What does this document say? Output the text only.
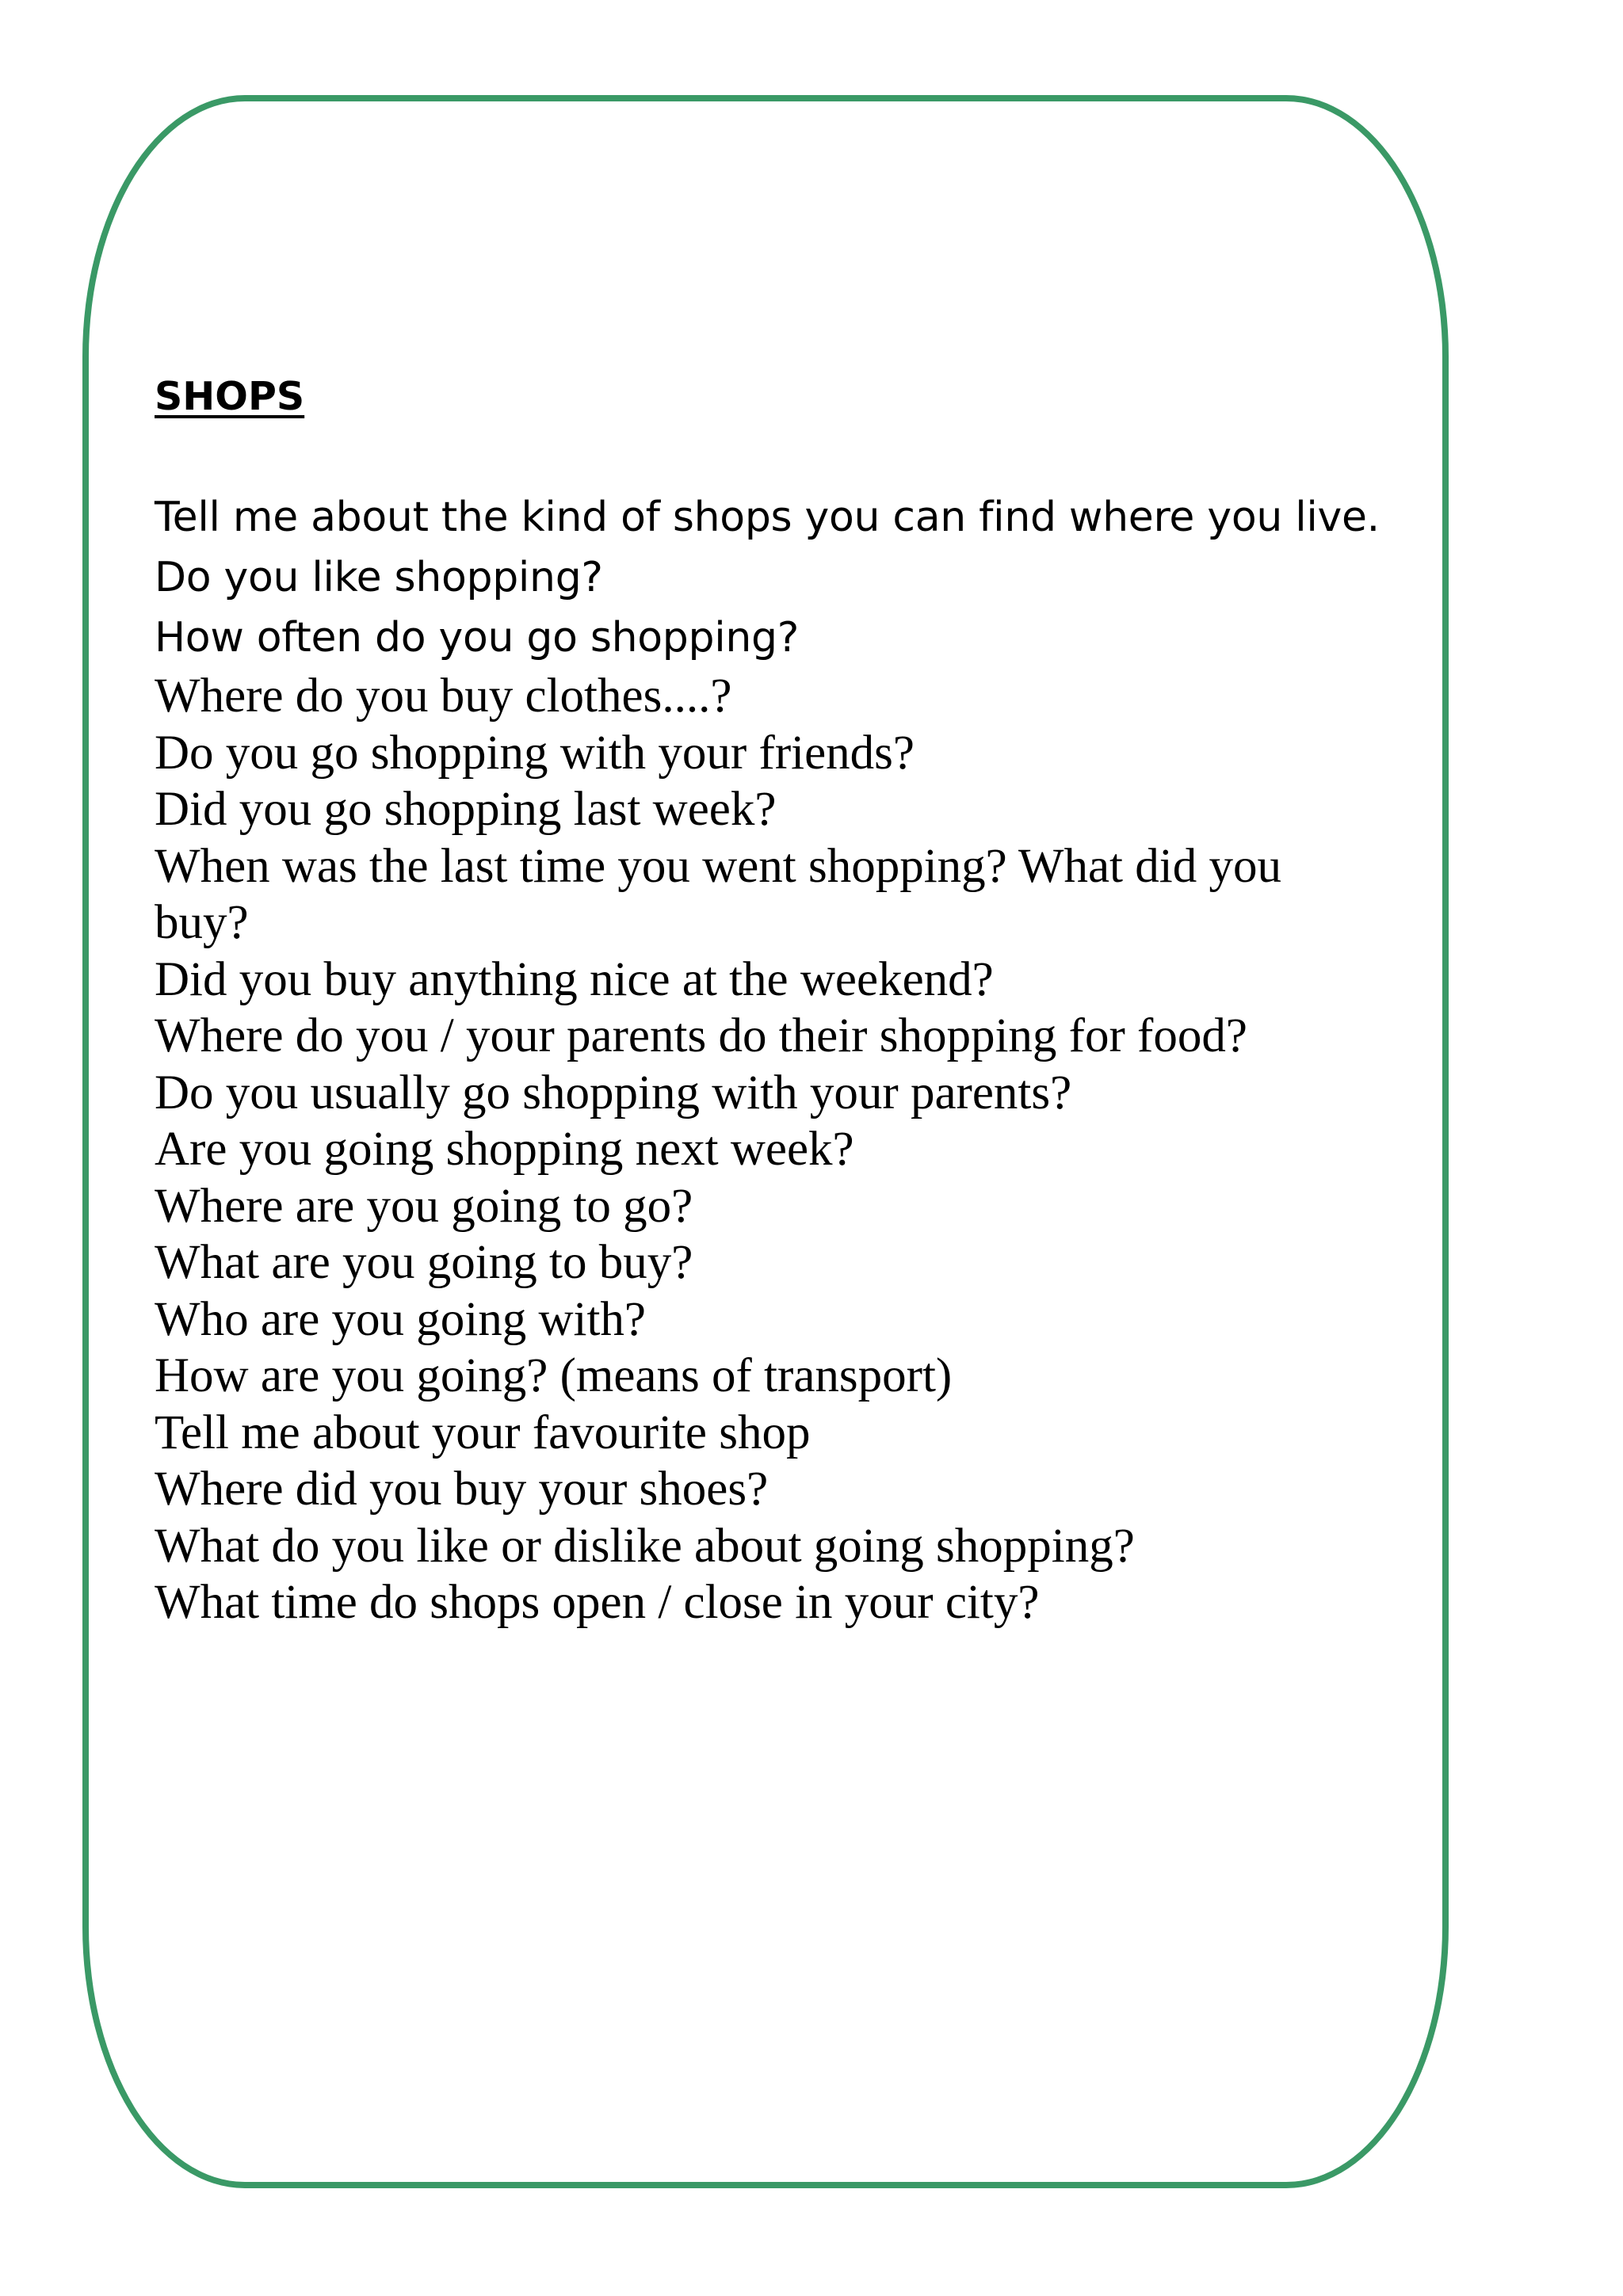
SHOPS
Tell me about the kind of shops you can find where you live.
Do you like shopping?
How often do you go shopping?
Where do you buy clothes....?
Do you go shopping with your friends?
Did you go shopping last week?
When was the last time you went shopping? What did you
buy?
Did you buy anything nice at the weekend?
Where do you / your parents do their shopping for food?
Do you usually go shopping with your parents?
Are you going shopping next week?
Where are you going to go?
What are you going to buy?
Who are you going with?
How are you going? (means of transport)
Tell me about your favourite shop
Where did you buy your shoes?
What do you like or dislike about going shopping?
What time do shops open / close in your city?
